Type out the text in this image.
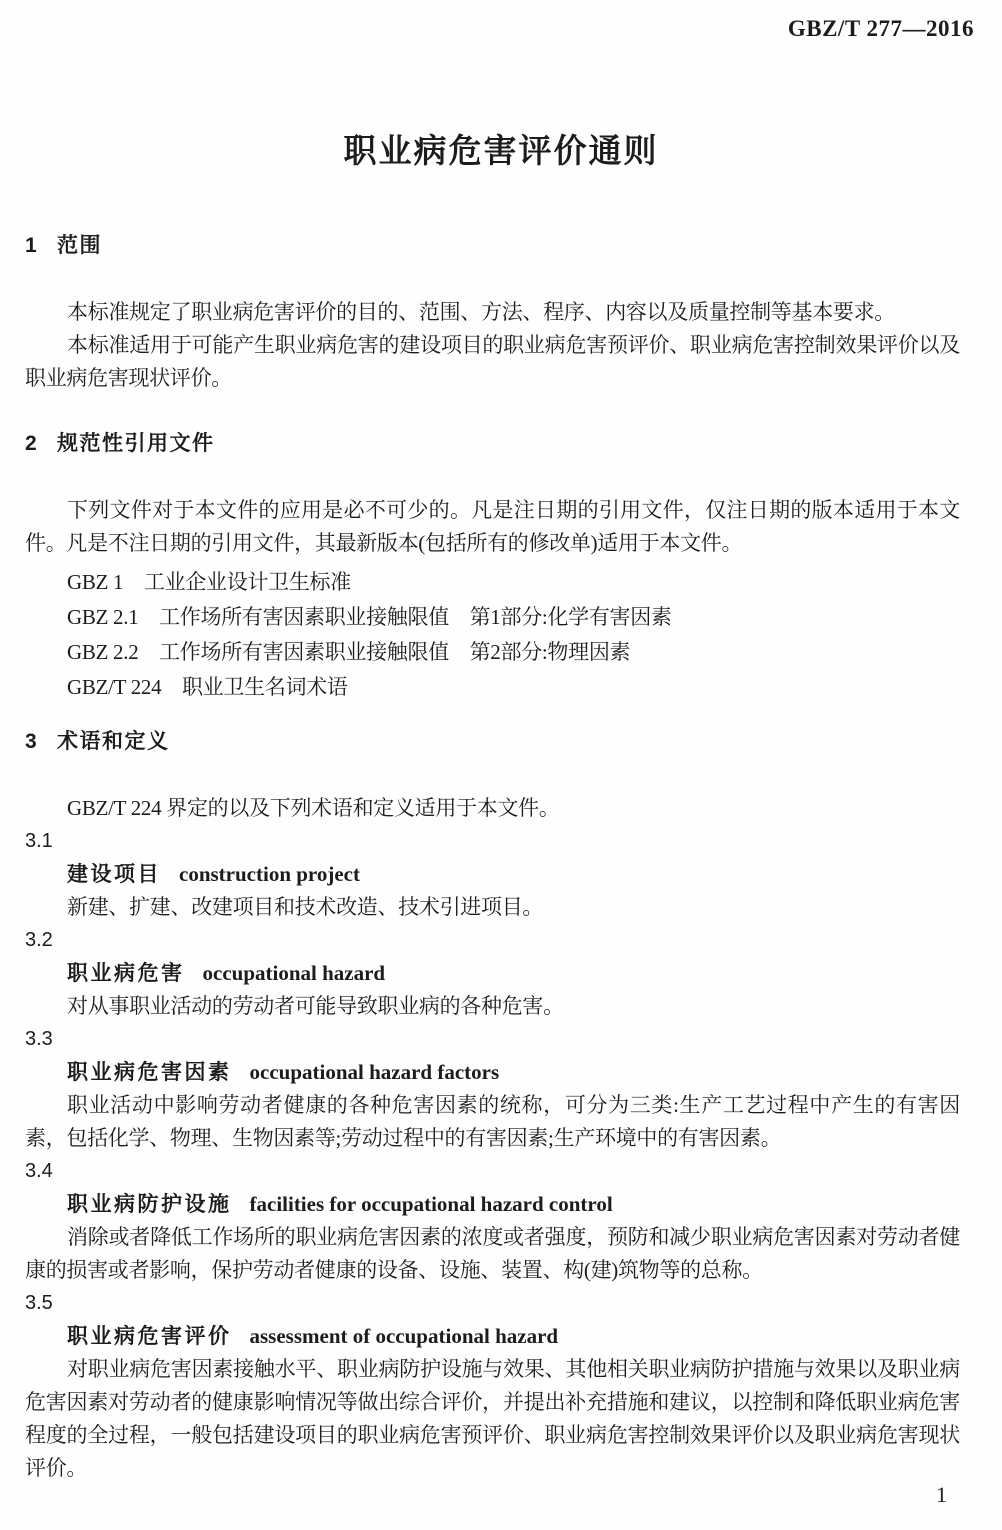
GBZ/T 277—2016
职业病危害评价通则
1 范围

本标准规定了职业病危害评价的目的、范围、方法、程序、内容以及质量控制等基本要求。

本标准适用于可能产生职业病危害的建设项目的职业病危害预评价、职业病危害控制效果评价以及职业病危害现状评价。

2 规范性引用文件

下列文件对于本文件的应用是必不可少的。凡是注日期的引用文件，仅注日期的版本适用于本文件。凡是不注日期的引用文件，其最新版本(包括所有的修改单)适用于本文件。

GBZ 1　工业企业设计卫生标准

GBZ 2.1　工作场所有害因素职业接触限值　第1部分:化学有害因素

GBZ 2.2　工作场所有害因素职业接触限值　第2部分:物理因素

GBZ/T 224　职业卫生名词术语

3 术语和定义

GBZ/T 224 界定的以及下列术语和定义适用于本文件。

3.1

建设项目 construction project

新建、扩建、改建项目和技术改造、技术引进项目。

3.2

职业病危害 occupational hazard

对从事职业活动的劳动者可能导致职业病的各种危害。

3.3

职业病危害因素 occupational hazard factors

职业活动中影响劳动者健康的各种危害因素的统称，可分为三类:生产工艺过程中产生的有害因素，包括化学、物理、生物因素等;劳动过程中的有害因素;生产环境中的有害因素。

3.4

职业病防护设施 facilities for occupational hazard control

消除或者降低工作场所的职业病危害因素的浓度或者强度，预防和减少职业病危害因素对劳动者健康的损害或者影响，保护劳动者健康的设备、设施、装置、构(建)筑物等的总称。

3.5

职业病危害评价 assessment of occupational hazard

对职业病危害因素接触水平、职业病防护设施与效果、其他相关职业病防护措施与效果以及职业病危害因素对劳动者的健康影响情况等做出综合评价，并提出补充措施和建议，以控制和降低职业病危害程度的全过程，一般包括建设项目的职业病危害预评价、职业病危害控制效果评价以及职业病危害现状评价。

1
